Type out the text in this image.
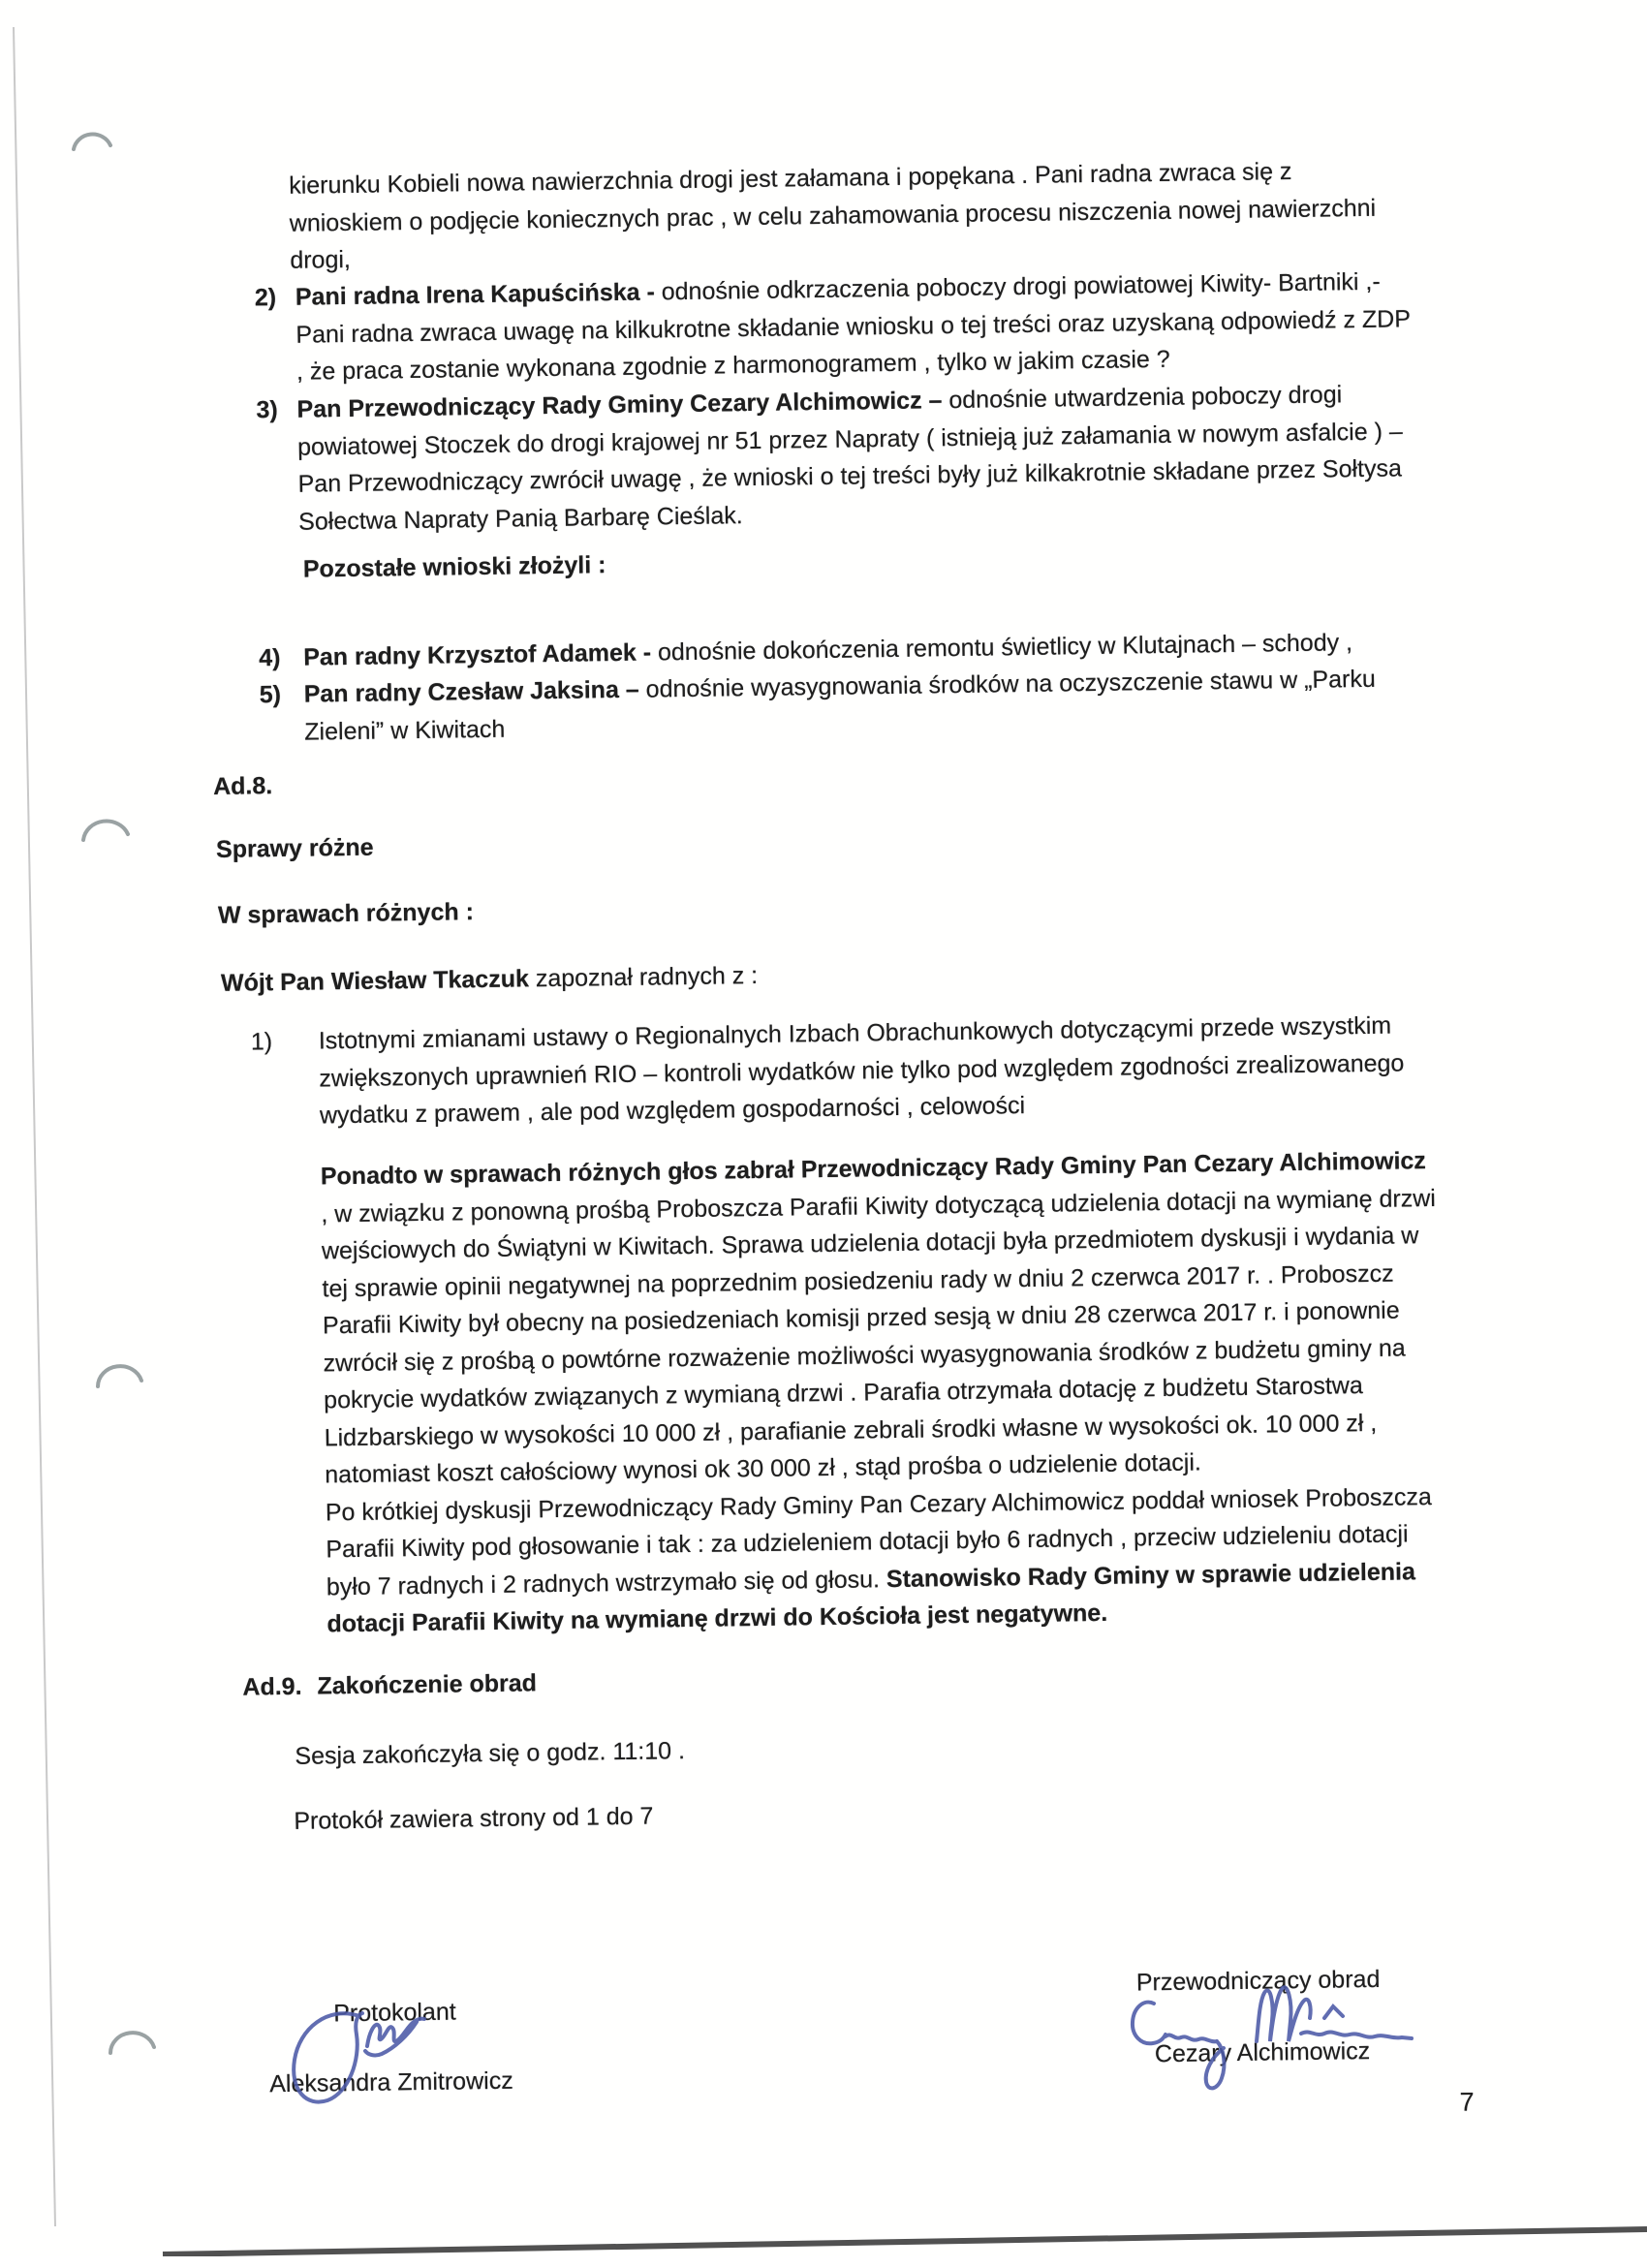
kierunku Kobieli nowa nawierzchnia drogi jest załamana i popękana . Pani radna zwraca się z
wnioskiem o podjęcie koniecznych prac , w celu zahamowania procesu niszczenia nowej nawierzchni
drogi,
2) Pani radna Irena Kapuścińska - odnośnie odkrzaczenia poboczy drogi powiatowej Kiwity- Bartniki ,-
Pani radna zwraca uwagę na kilkukrotne składanie wniosku o tej treści oraz uzyskaną odpowiedź z ZDP
, że praca zostanie wykonana zgodnie z harmonogramem , tylko w jakim czasie ?
3) Pan Przewodniczący Rady Gminy Cezary Alchimowicz – odnośnie utwardzenia poboczy drogi
powiatowej Stoczek do drogi krajowej nr 51 przez Napraty ( istnieją już załamania w nowym asfalcie ) –
Pan Przewodniczący zwrócił uwagę , że wnioski o tej treści były już kilkakrotnie składane przez Sołtysa
Sołectwa Napraty Panią Barbarę Cieślak.
Pozostałe wnioski złożyli :
4) Pan radny Krzysztof Adamek - odnośnie dokończenia remontu świetlicy w Klutajnach – schody ,
5) Pan radny Czesław Jaksina – odnośnie wyasygnowania środków na oczyszczenie stawu w „Parku
Zieleni” w Kiwitach
Ad.8.
Sprawy różne
W sprawach różnych :
Wójt Pan Wiesław Tkaczuk zapoznał radnych z :
1) Istotnymi zmianami ustawy o Regionalnych Izbach Obrachunkowych dotyczącymi przede wszystkim
zwiększonych uprawnień RIO – kontroli wydatków nie tylko pod względem zgodności zrealizowanego
wydatku z prawem , ale pod względem gospodarności , celowości
Ponadto w sprawach różnych głos zabrał Przewodniczący Rady Gminy Pan Cezary Alchimowicz
, w związku z ponowną prośbą Proboszcza Parafii Kiwity dotyczącą udzielenia dotacji na wymianę drzwi
wejściowych do Świątyni w Kiwitach. Sprawa udzielenia dotacji była przedmiotem dyskusji i wydania w
tej sprawie opinii negatywnej na poprzednim posiedzeniu rady w dniu 2 czerwca 2017 r. . Proboszcz
Parafii Kiwity był obecny na posiedzeniach komisji przed sesją w dniu 28 czerwca 2017 r. i ponownie
zwrócił się z prośbą o powtórne rozważenie możliwości wyasygnowania środków z budżetu gminy na
pokrycie wydatków związanych z wymianą drzwi . Parafia otrzymała dotację z budżetu Starostwa
Lidzbarskiego w wysokości 10 000 zł , parafianie zebrali środki własne w wysokości ok. 10 000 zł ,
natomiast koszt całościowy wynosi ok 30 000 zł , stąd prośba o udzielenie dotacji.
Po krótkiej dyskusji Przewodniczący Rady Gminy Pan Cezary Alchimowicz poddał wniosek Proboszcza
Parafii Kiwity pod głosowanie i tak : za udzieleniem dotacji było 6 radnych , przeciw udzieleniu dotacji
było 7 radnych i 2 radnych wstrzymało się od głosu. Stanowisko Rady Gminy w sprawie udzielenia
dotacji Parafii Kiwity na wymianę drzwi do Kościoła jest negatywne.
Ad.9. Zakończenie obrad
Sesja zakończyła się o godz. 11:10 .
Protokół zawiera strony od 1 do 7
Protokolant
Aleksandra Zmitrowicz
Przewodniczący obrad
Cezary Alchimowicz
7
